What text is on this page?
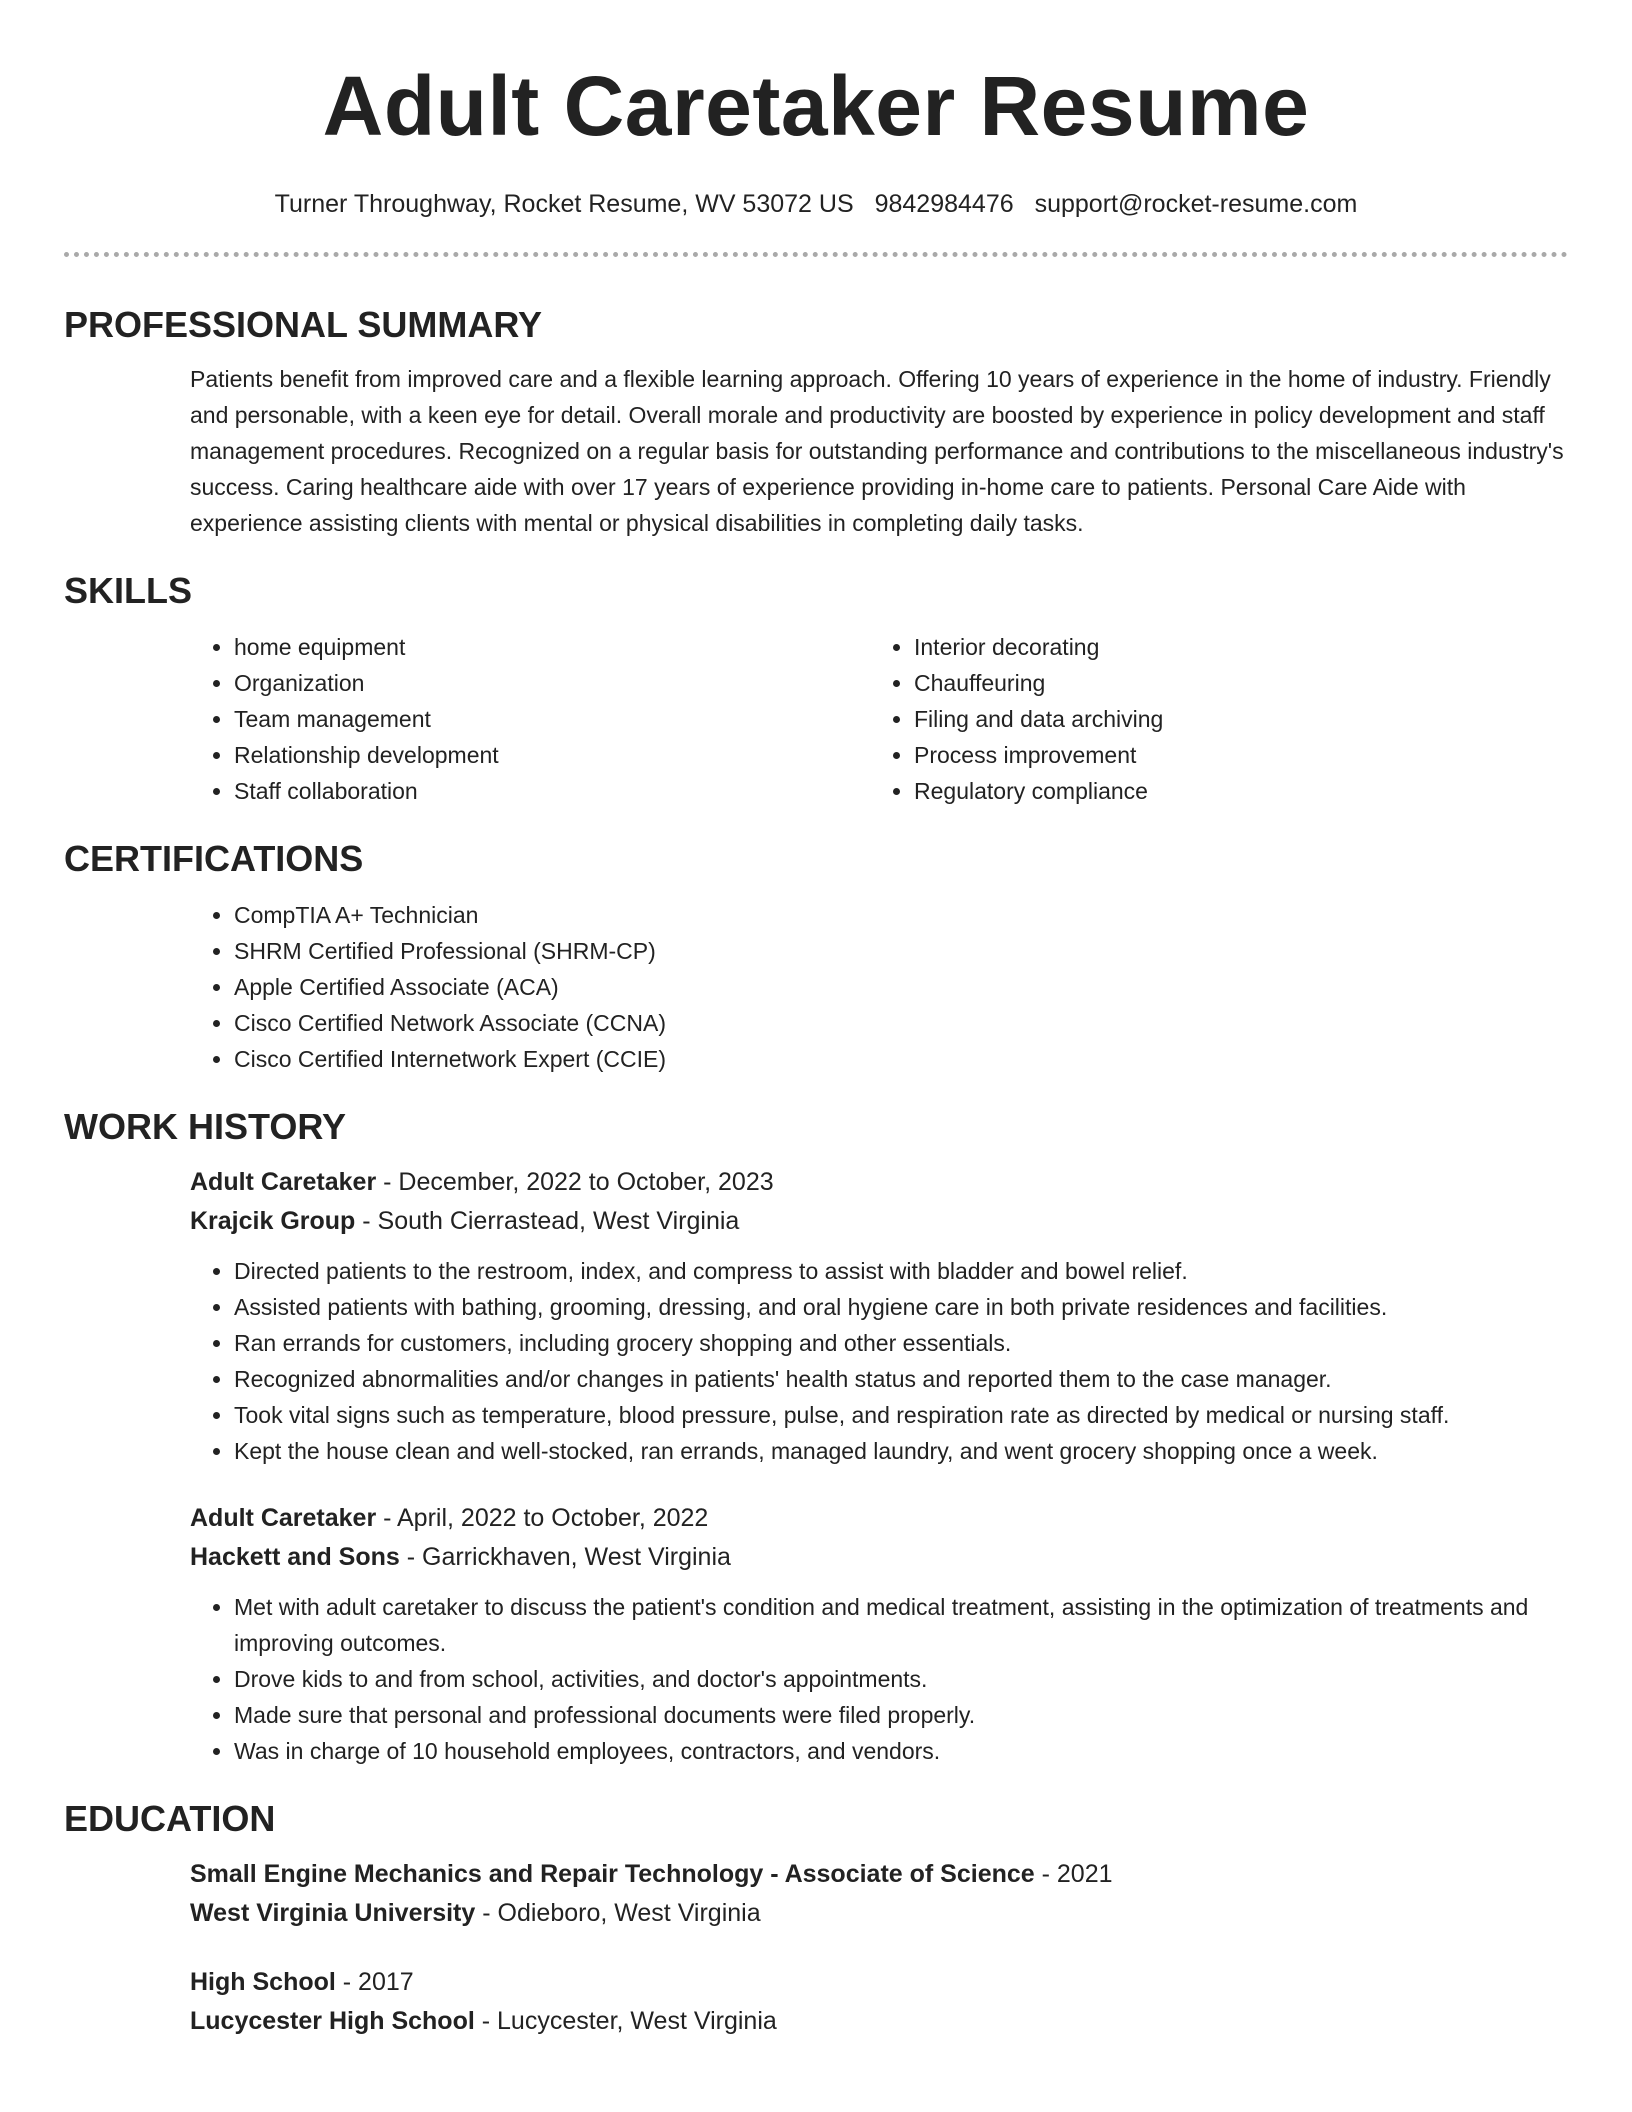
Adult Caretaker Resume
Turner Throughway, Rocket Resume, WV 53072 US 9842984476 support@rocket-resume.com
PROFESSIONAL SUMMARY

Patients benefit from improved care and a flexible learning approach. Offering 10 years of experience in the home of industry. Friendly and personable, with a keen eye for detail. Overall morale and productivity are boosted by experience in policy development and staff management procedures. Recognized on a regular basis for outstanding performance and contributions to the miscellaneous industry's success. Caring healthcare aide with over 17 years of experience providing in-home care to patients. Personal Care Aide with experience assisting clients with mental or physical disabilities in completing daily tasks.

SKILLS
• home equipment
• Organization
• Team management
• Relationship development
• Staff collaboration
• Interior decorating
• Chauffeuring
• Filing and data archiving
• Process improvement
• Regulatory compliance
CERTIFICATIONS
• CompTIA A+ Technician
• SHRM Certified Professional (SHRM-CP)
• Apple Certified Associate (ACA)
• Cisco Certified Network Associate (CCNA)
• Cisco Certified Internetwork Expert (CCIE)
WORK HISTORY
Adult Caretaker - December, 2022 to October, 2023
Krajcik Group - South Cierrastead, West Virginia
• Directed patients to the restroom, index, and compress to assist with bladder and bowel relief.
• Assisted patients with bathing, grooming, dressing, and oral hygiene care in both private residences and facilities.
• Ran errands for customers, including grocery shopping and other essentials.
• Recognized abnormalities and/or changes in patients' health status and reported them to the case manager.
• Took vital signs such as temperature, blood pressure, pulse, and respiration rate as directed by medical or nursing staff.
• Kept the house clean and well-stocked, ran errands, managed laundry, and went grocery shopping once a week.
Adult Caretaker - April, 2022 to October, 2022
Hackett and Sons - Garrickhaven, West Virginia
• Met with adult caretaker to discuss the patient's condition and medical treatment, assisting in the optimization of treatments and improving outcomes.
• Drove kids to and from school, activities, and doctor's appointments.
• Made sure that personal and professional documents were filed properly.
• Was in charge of 10 household employees, contractors, and vendors.
EDUCATION
Small Engine Mechanics and Repair Technology - Associate of Science - 2021
West Virginia University - Odieboro, West Virginia
High School - 2017
Lucycester High School - Lucycester, West Virginia
